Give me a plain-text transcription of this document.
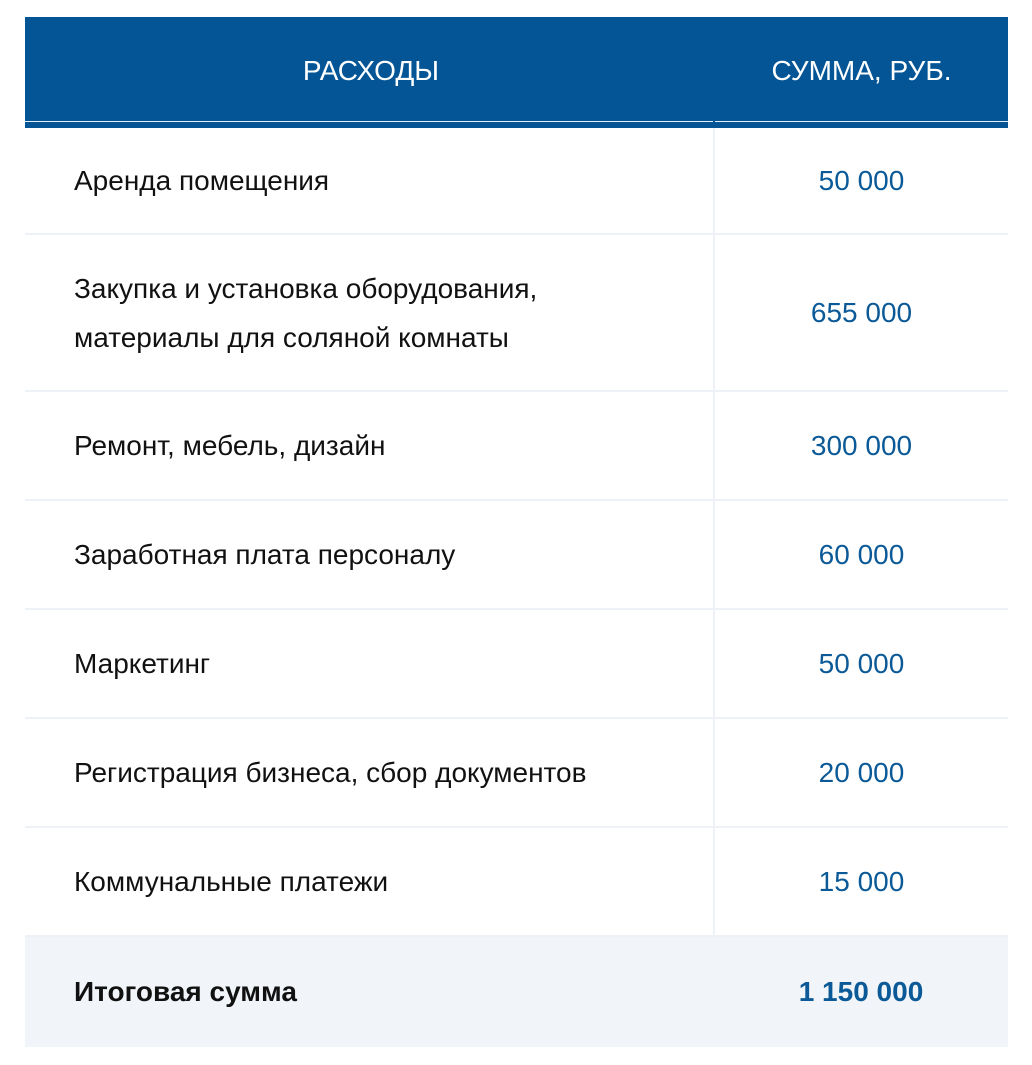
РАСХОДЫ	СУММА, РУБ.
Аренда помещения	50 000
Закупка и установка оборудования, материалы для соляной комнаты	655 000
Ремонт, мебель, дизайн	300 000
Заработная плата персоналу	60 000
Маркетинг	50 000
Регистрация бизнеса, сбор документов	20 000
Коммунальные платежи	15 000
Итоговая сумма	1 150 000
